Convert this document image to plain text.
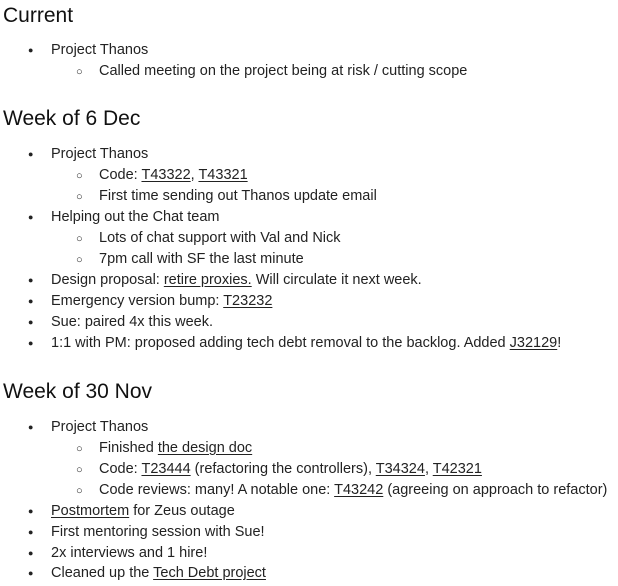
Current
●
Project Thanos
○
Called meeting on the project being at risk / cutting scope
Week of 6 Dec
●
Project Thanos
○
Code: T43322, T43321
○
First time sending out Thanos update email
●
Helping out the Chat team
○
Lots of chat support with Val and Nick
○
7pm call with SF the last minute
●
Design proposal: retire proxies. Will circulate it next week.
●
Emergency version bump: T23232
●
Sue: paired 4x this week.
●
1:1 with PM: proposed adding tech debt removal to the backlog. Added J32129!
Week of 30 Nov
●
Project Thanos
○
Finished the design doc
○
Code: T23444 (refactoring the controllers), T34324, T42321
○
Code reviews: many! A notable one: T43242 (agreeing on approach to refactor)
●
Postmortem for Zeus outage
●
First mentoring session with Sue!
●
2x interviews and 1 hire!
●
Cleaned up the Tech Debt project
